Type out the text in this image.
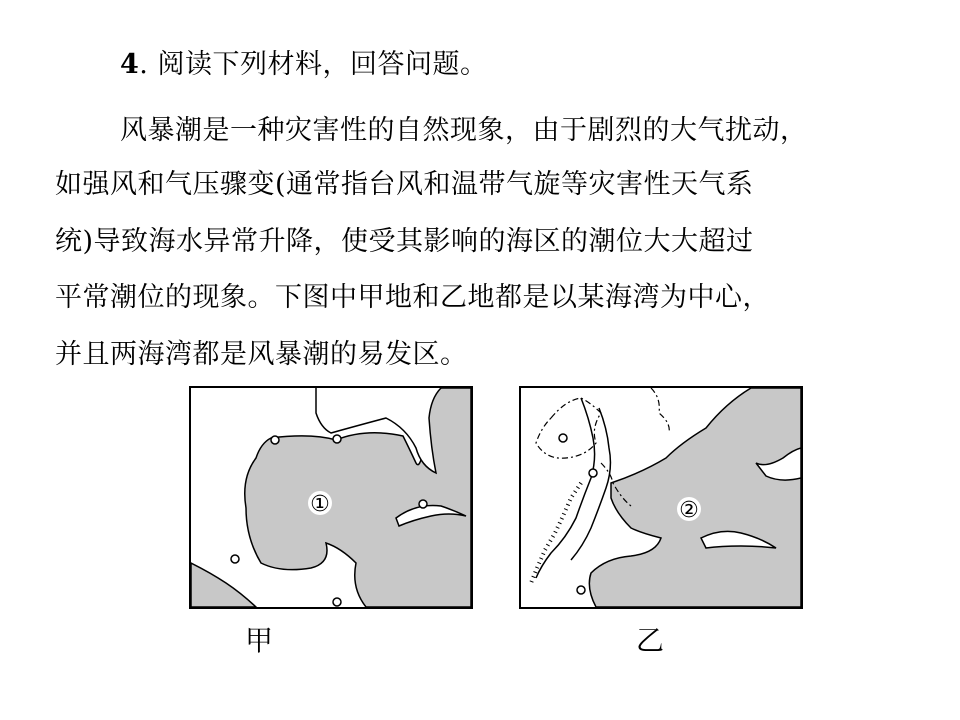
4. 阅读下列材料，回答问题。
风暴潮是一种灾害性的自然现象，由于剧烈的大气扰动，
如强风和气压骤变(通常指台风和温带气旋等灾害性天气系
统)导致海水异常升降，使受其影响的海区的潮位大大超过
平常潮位的现象。下图中甲地和乙地都是以某海湾为中心，
并且两海湾都是风暴潮的易发区。
①	②
甲	乙
